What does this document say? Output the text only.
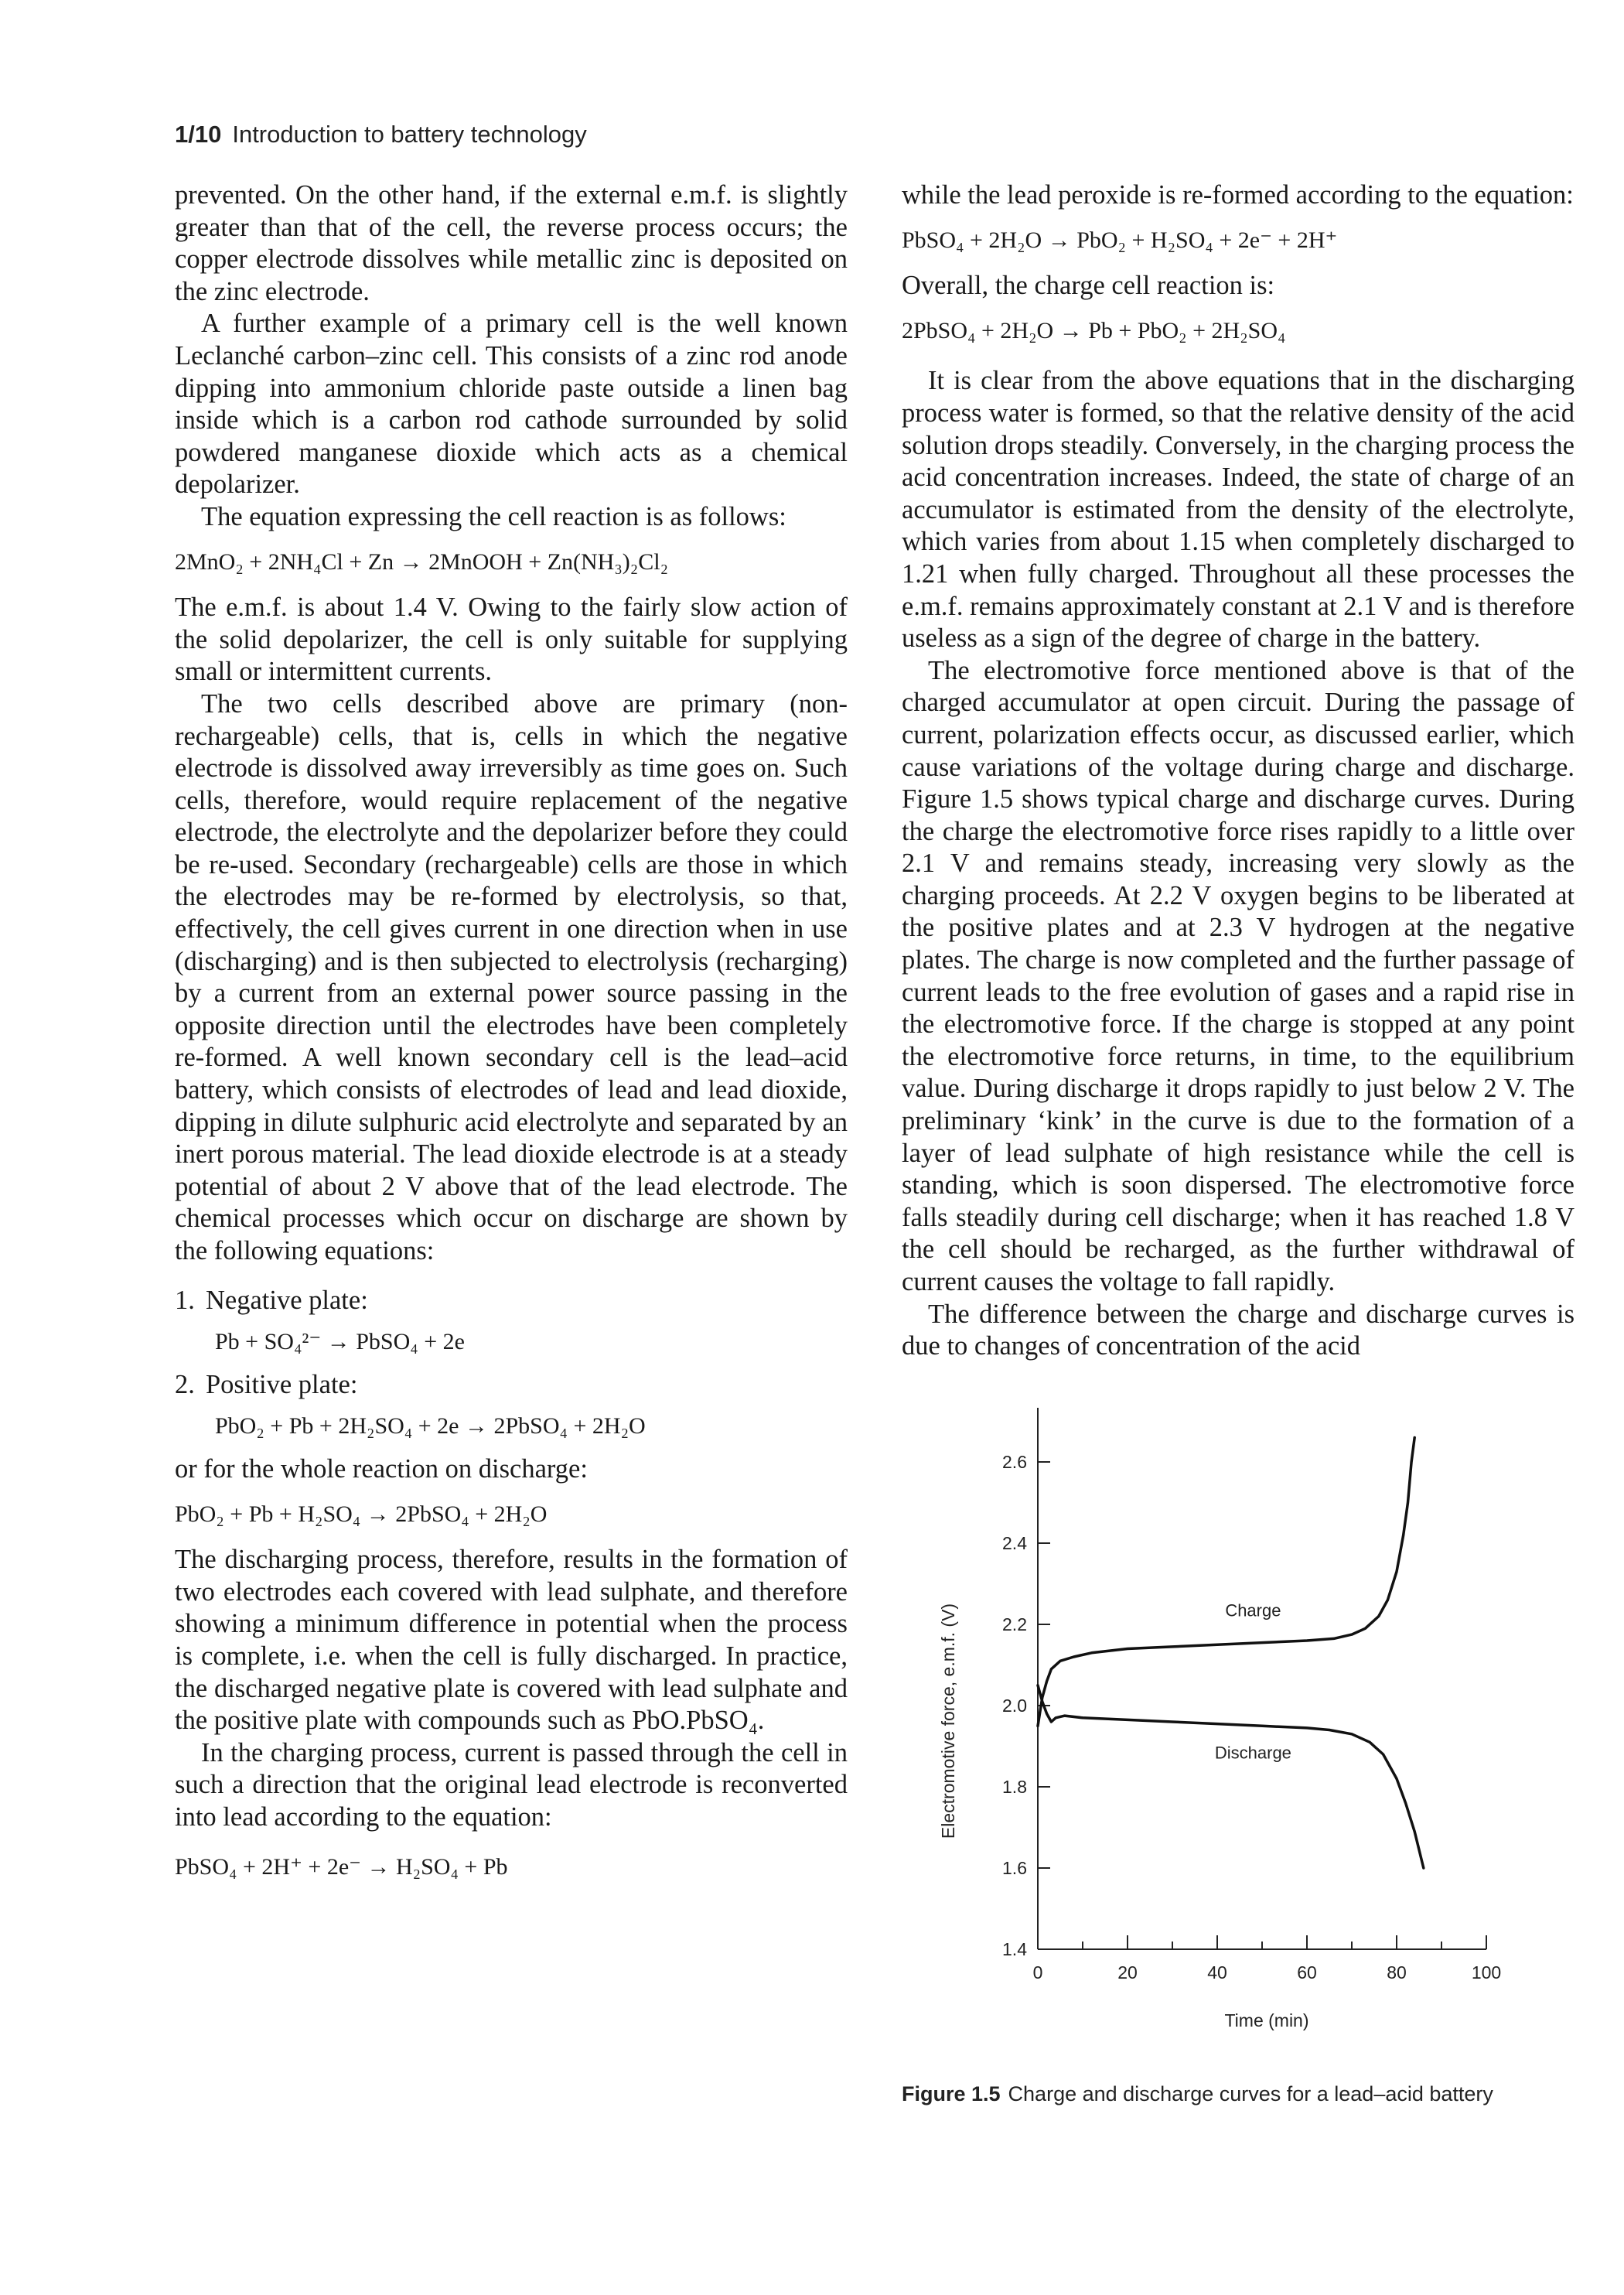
1/10 Introduction to battery technology

prevented. On the other hand, if the external e.m.f. is slightly greater than that of the cell, the reverse process occurs; the copper electrode dissolves while metallic zinc is deposited on the zinc electrode.

A further example of a primary cell is the well known Leclanché carbon–zinc cell. This consists of a zinc rod anode dipping into ammonium chloride paste outside a linen bag inside which is a carbon rod cathode surrounded by solid powdered manganese dioxide which acts as a chemical depolarizer.

The equation expressing the cell reaction is as follows:

2MnO₂ + 2NH₄Cl + Zn → 2MnOOH + Zn(NH₃)₂Cl₂

The e.m.f. is about 1.4 V. Owing to the fairly slow action of the solid depolarizer, the cell is only suitable for supplying small or intermittent currents.

The two cells described above are primary (non-rechargeable) cells, that is, cells in which the negative electrode is dissolved away irreversibly as time goes on. Such cells, therefore, would require replacement of the negative electrode, the electrolyte and the depolarizer before they could be re-used. Secondary (rechargeable) cells are those in which the electrodes may be re-formed by electrolysis, so that, effectively, the cell gives current in one direction when in use (discharging) and is then subjected to electrolysis (recharging) by a current from an external power source passing in the opposite direction until the electrodes have been completely re-formed. A well known secondary cell is the lead–acid battery, which consists of electrodes of lead and lead dioxide, dipping in dilute sulphuric acid electrolyte and separated by an inert porous material. The lead dioxide electrode is at a steady potential of about 2 V above that of the lead electrode. The chemical processes which occur on discharge are shown by the following equations:

1. Negative plate:
Pb + SO₄²⁻ → PbSO₄ + 2e
2. Positive plate:
PbO₂ + Pb + 2H₂SO₄ + 2e → 2PbSO₄ + 2H₂O

or for the whole reaction on discharge:

PbO₂ + Pb + H₂SO₄ → 2PbSO₄ + 2H₂O

The discharging process, therefore, results in the formation of two electrodes each covered with lead sulphate, and therefore showing a minimum difference in potential when the process is complete, i.e. when the cell is fully discharged. In practice, the discharged negative plate is covered with lead sulphate and the positive plate with compounds such as PbO.PbSO₄.

In the charging process, current is passed through the cell in such a direction that the original lead electrode is reconverted into lead according to the equation:

PbSO₄ + 2H⁺ + 2e⁻ → H₂SO₄ + Pb

while the lead peroxide is re-formed according to the equation:

PbSO₄ + 2H₂O → PbO₂ + H₂SO₄ + 2e⁻ + 2H⁺

Overall, the charge cell reaction is:

2PbSO₄ + 2H₂O → Pb + PbO₂ + 2H₂SO₄

It is clear from the above equations that in the discharging process water is formed, so that the relative density of the acid solution drops steadily. Conversely, in the charging process the acid concentration increases. Indeed, the state of charge of an accumulator is estimated from the density of the electrolyte, which varies from about 1.15 when completely discharged to 1.21 when fully charged. Throughout all these processes the e.m.f. remains approximately constant at 2.1 V and is therefore useless as a sign of the degree of charge in the battery.

The electromotive force mentioned above is that of the charged accumulator at open circuit. During the passage of current, polarization effects occur, as discussed earlier, which cause variations of the voltage during charge and discharge. Figure 1.5 shows typical charge and discharge curves. During the charge the electromotive force rises rapidly to a little over 2.1 V and remains steady, increasing very slowly as the charging proceeds. At 2.2 V oxygen begins to be liberated at the positive plates and at 2.3 V hydrogen at the negative plates. The charge is now completed and the further passage of current leads to the free evolution of gases and a rapid rise in the electromotive force. If the charge is stopped at any point the electromotive force returns, in time, to the equilibrium value. During discharge it drops rapidly to just below 2 V. The preliminary ‘kink’ in the curve is due to the formation of a layer of lead sulphate of high resistance while the cell is standing, which is soon dispersed. The electromotive force falls steadily during cell discharge; when it has reached 1.8 V the cell should be recharged, as the further withdrawal of current causes the voltage to fall rapidly.

The difference between the charge and discharge curves is due to changes of concentration of the acid

1.4
1.6
1.8
2.0
2.2
2.4
2.6
0	20	40	60	80	100
Time (min)
Electromotive force, e.m.f. (V)	Charge
Discharge
Figure 1.5 Charge and discharge curves for a lead–acid battery
